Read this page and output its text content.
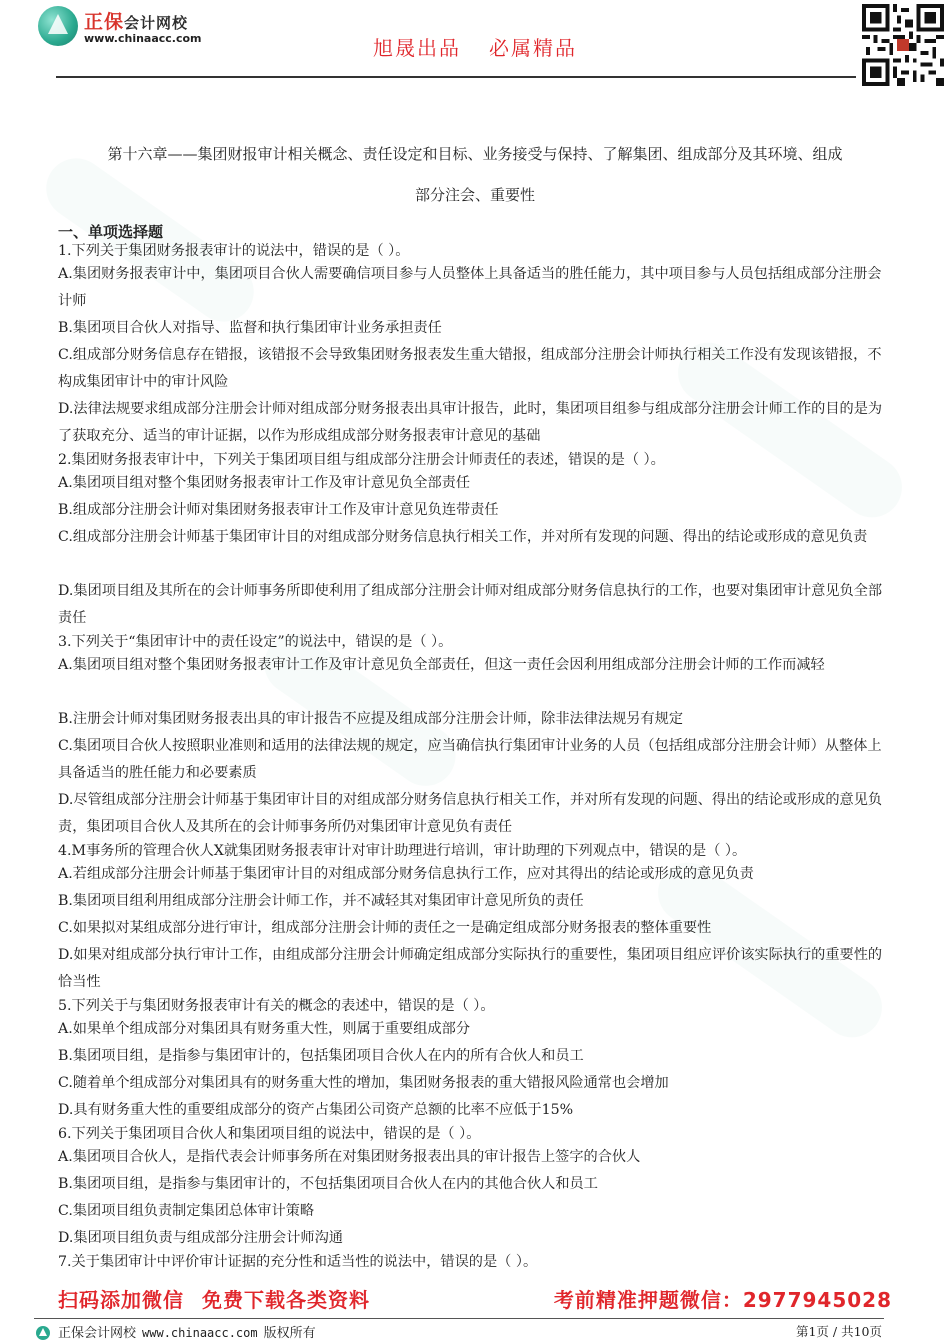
正保会计网校
www.chinaacc.com	旭晟出品 必属精品
第十六章——集团财报审计相关概念、责任设定和目标、业务接受与保持、了解集团、组成部分及其环境、组成
部分注会、重要性
一、单项选择题
1.下列关于集团财务报表审计的说法中，错误的是（ ）。
A.集团财务报表审计中，集团项目合伙人需要确信项目参与人员整体上具备适当的胜任能力，其中项目参与人员包括组成部分注册会计师
B.集团项目合伙人对指导、监督和执行集团审计业务承担责任
C.组成部分财务信息存在错报，该错报不会导致集团财务报表发生重大错报，组成部分注册会计师执行相关工作没有发现该错报，不构成集团审计中的审计风险
D.法律法规要求组成部分注册会计师对组成部分财务报表出具审计报告，此时，集团项目组参与组成部分注册会计师工作的目的是为了获取充分、适当的审计证据，以作为形成组成部分财务报表审计意见的基础
2.集团财务报表审计中，下列关于集团项目组与组成部分注册会计师责任的表述，错误的是（ ）。
A.集团项目组对整个集团财务报表审计工作及审计意见负全部责任
B.组成部分注册会计师对集团财务报表审计工作及审计意见负连带责任
C.组成部分注册会计师基于集团审计目的对组成部分财务信息执行相关工作，并对所有发现的问题、得出的结论或形成的意见负责
D.集团项目组及其所在的会计师事务所即使利用了组成部分注册会计师对组成部分财务信息执行的工作，也要对集团审计意见负全部责任
3.下列关于“集团审计中的责任设定”的说法中，错误的是（ ）。
A.集团项目组对整个集团财务报表审计工作及审计意见负全部责任，但这一责任会因利用组成部分注册会计师的工作而减轻
B.注册会计师对集团财务报表出具的审计报告不应提及组成部分注册会计师，除非法律法规另有规定
C.集团项目合伙人按照职业准则和适用的法律法规的规定，应当确信执行集团审计业务的人员（包括组成部分注册会计师）从整体上具备适当的胜任能力和必要素质
D.尽管组成部分注册会计师基于集团审计目的对组成部分财务信息执行相关工作，并对所有发现的问题、得出的结论或形成的意见负责，集团项目合伙人及其所在的会计师事务所仍对集团审计意见负有责任
4.M事务所的管理合伙人X就集团财务报表审计对审计助理进行培训，审计助理的下列观点中，错误的是（ ）。
A.若组成部分注册会计师基于集团审计目的对组成部分财务信息执行工作，应对其得出的结论或形成的意见负责
B.集团项目组利用组成部分注册会计师工作，并不减轻其对集团审计意见所负的责任
C.如果拟对某组成部分进行审计，组成部分注册会计师的责任之一是确定组成部分财务报表的整体重要性
D.如果对组成部分执行审计工作，由组成部分注册会计师确定组成部分实际执行的重要性，集团项目组应评价该实际执行的重要性的恰当性
5.下列关于与集团财务报表审计有关的概念的表述中，错误的是（ ）。
A.如果单个组成部分对集团具有财务重大性，则属于重要组成部分
B.集团项目组，是指参与集团审计的，包括集团项目合伙人在内的所有合伙人和员工
C.随着单个组成部分对集团具有的财务重大性的增加，集团财务报表的重大错报风险通常也会增加
D.具有财务重大性的重要组成部分的资产占集团公司资产总额的比率不应低于15%
6.下列关于集团项目合伙人和集团项目组的说法中，错误的是（ ）。
A.集团项目合伙人，是指代表会计师事务所在对集团财务报表出具的审计报告上签字的合伙人
B.集团项目组，是指参与集团审计的，不包括集团项目合伙人在内的其他合伙人和员工
C.集团项目组负责制定集团总体审计策略
D.集团项目组负责与组成部分注册会计师沟通
7.关于集团审计中评价审计证据的充分性和适当性的说法中，错误的是（ ）。
扫码添加微信 免费下载各类资料	考前精准押题微信：2977945028
正保会计网校 www.chinaacc.com 版权所有	第1页 / 共10页
